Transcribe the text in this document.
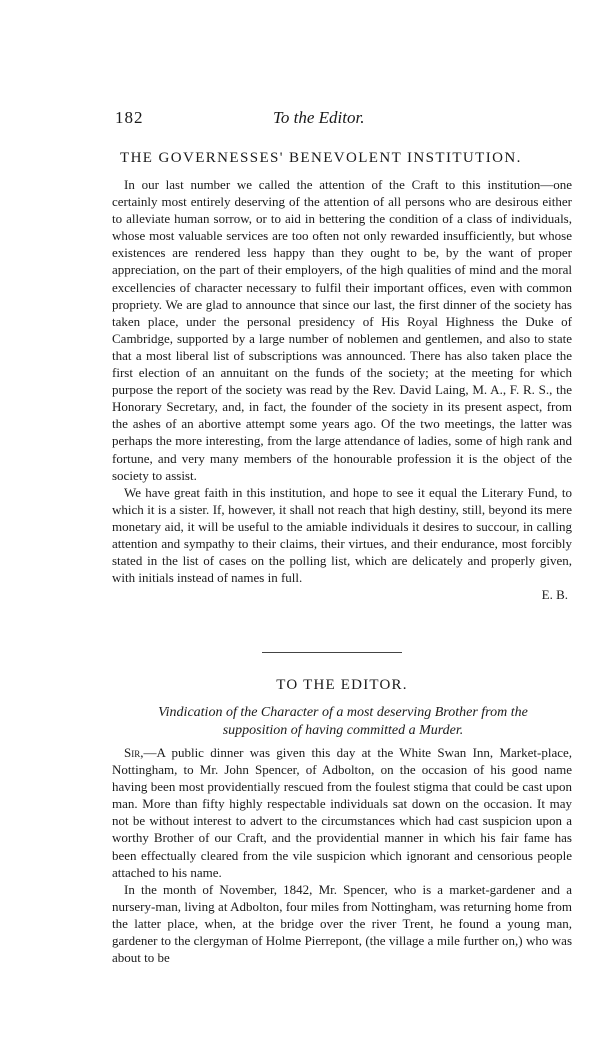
182	To the Editor.
THE GOVERNESSES' BENEVOLENT INSTITUTION.

In our last number we called the attention of the Craft to this institution—one certainly most entirely deserving of the attention of all persons who are desirous either to alleviate human sorrow, or to aid in bettering the condition of a class of individuals, whose most valuable services are too often not only rewarded insufficiently, but whose existences are rendered less happy than they ought to be, by the want of proper appreciation, on the part of their employers, of the high qualities of mind and the moral excellencies of character necessary to fulfil their important offices, even with common propriety. We are glad to announce that since our last, the first dinner of the society has taken place, under the personal presidency of His Royal Highness the Duke of Cambridge, supported by a large number of noblemen and gentlemen, and also to state that a most liberal list of subscriptions was announced. There has also taken place the first election of an annuitant on the funds of the society; at the meeting for which purpose the report of the society was read by the Rev. David Laing, M. A., F. R. S., the Honorary Secretary, and, in fact, the founder of the society in its present aspect, from the ashes of an abortive attempt some years ago. Of the two meetings, the latter was perhaps the more interesting, from the large attendance of ladies, some of high rank and fortune, and very many members of the honourable profession it is the object of the society to assist.

We have great faith in this institution, and hope to see it equal the Literary Fund, to which it is a sister. If, however, it shall not reach that high destiny, still, beyond its mere monetary aid, it will be useful to the amiable individuals it desires to succour, in calling attention and sympathy to their claims, their virtues, and their endurance, most forcibly stated in the list of cases on the polling list, which are delicately and properly given, with initials instead of names in full.

E. B.

TO THE EDITOR.
Vindication of the Character of a most deserving Brother from the
supposition of having committed a Murder.

Sir,—A public dinner was given this day at the White Swan Inn, Market-place, Nottingham, to Mr. John Spencer, of Adbolton, on the occasion of his good name having been most providentially rescued from the foulest stigma that could be cast upon man. More than fifty highly respectable individuals sat down on the occasion. It may not be without interest to advert to the circumstances which had cast suspicion upon a worthy Brother of our Craft, and the providential manner in which his fair fame has been effectually cleared from the vile suspicion which ignorant and censorious people attached to his name.

In the month of November, 1842, Mr. Spencer, who is a market-gardener and a nursery-man, living at Adbolton, four miles from Nottingham, was returning home from the latter place, when, at the bridge over the river Trent, he found a young man, gardener to the clergyman of Holme Pierrepont, (the village a mile further on,) who was about to be
